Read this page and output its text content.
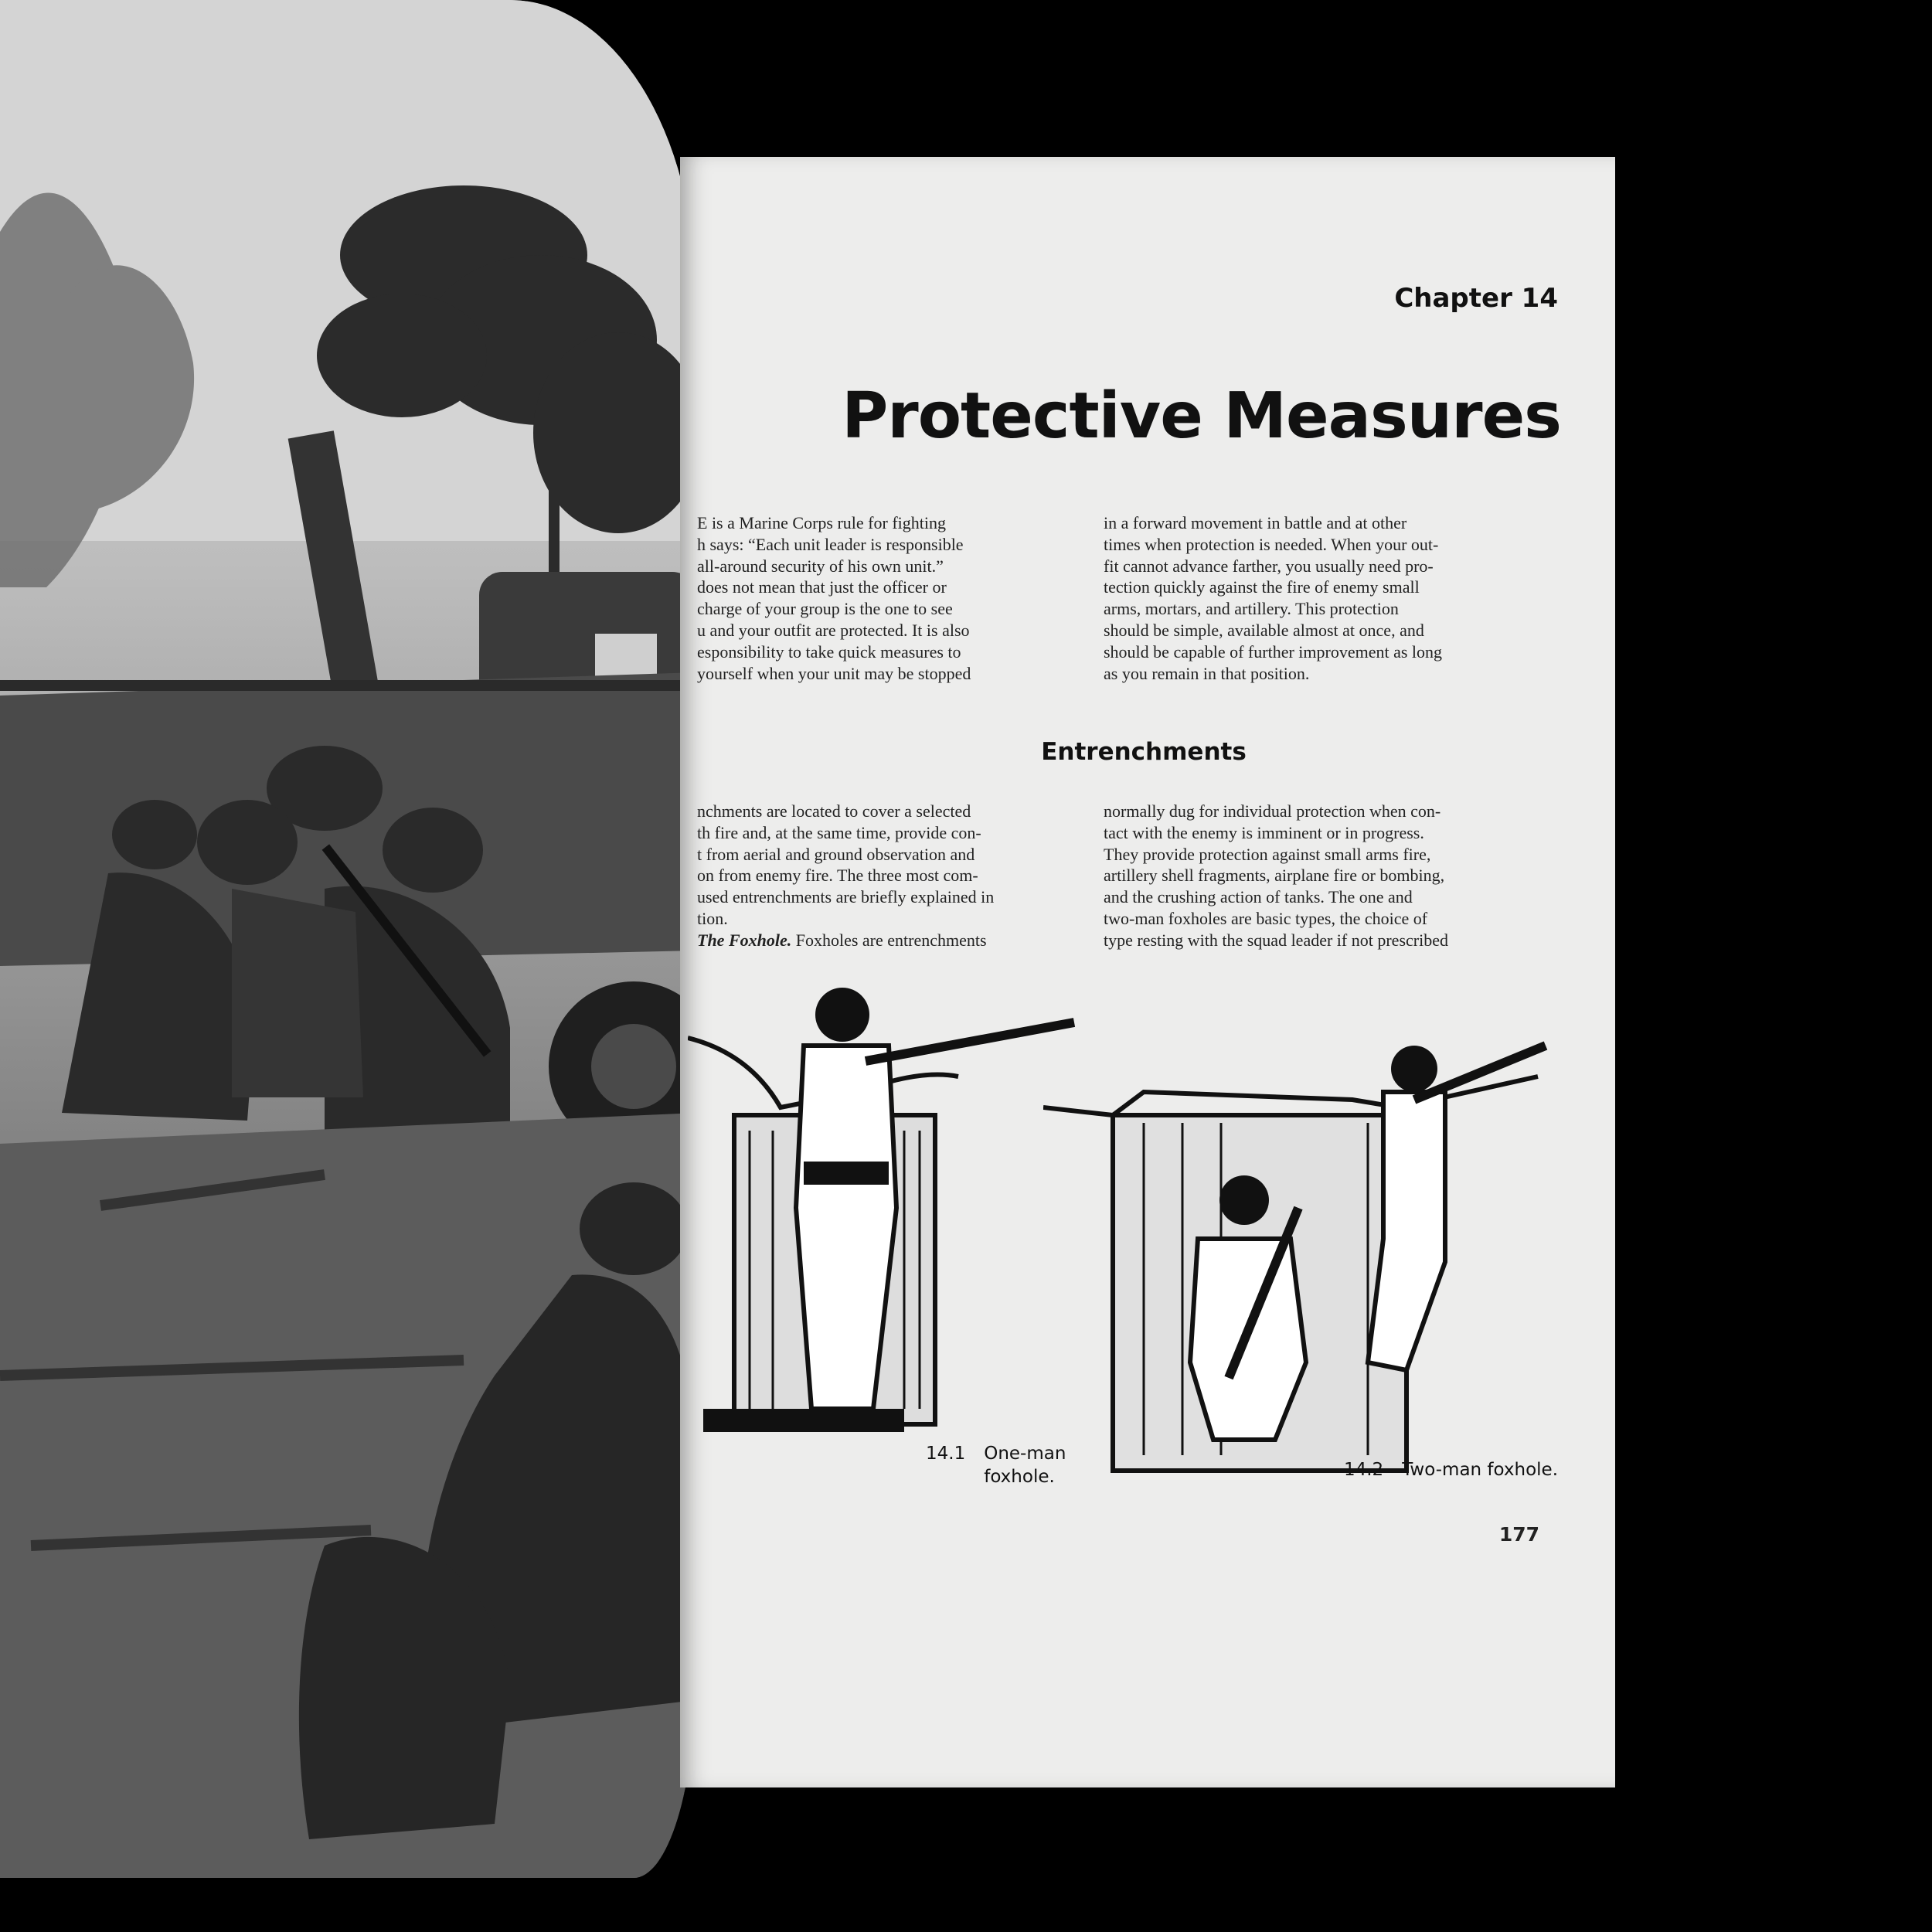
Chapter 14
Protective Measures
E is a Marine Corps rule for fighting
h says: “Each unit leader is responsible
all-around security of his own unit.”
does not mean that just the officer or
charge of your group is the one to see
u and your outfit are protected. It is also
esponsibility to take quick measures to
yourself when your unit may be stopped
in a forward movement in battle and at other
times when protection is needed. When your out-
fit cannot advance farther, you usually need pro-
tection quickly against the fire of enemy small
arms, mortars, and artillery. This protection
should be simple, available almost at once, and
should be capable of further improvement as long
as you remain in that position.
Entrenchments
nchments are located to cover a selected
th fire and, at the same time, provide con-
t from aerial and ground observation and
on from enemy fire. The three most com-
used entrenchments are briefly explained in
tion.
The Foxhole. Foxholes are entrenchments
normally dug for individual protection when con-
tact with the enemy is imminent or in progress.
They provide protection against small arms fire,
artillery shell fragments, airplane fire or bombing,
and the crushing action of tanks. The one and
two-man foxholes are basic types, the choice of
type resting with the squad leader if not prescribed
14.1 One-man
foxhole.	14.2 Two-man foxhole.

177
